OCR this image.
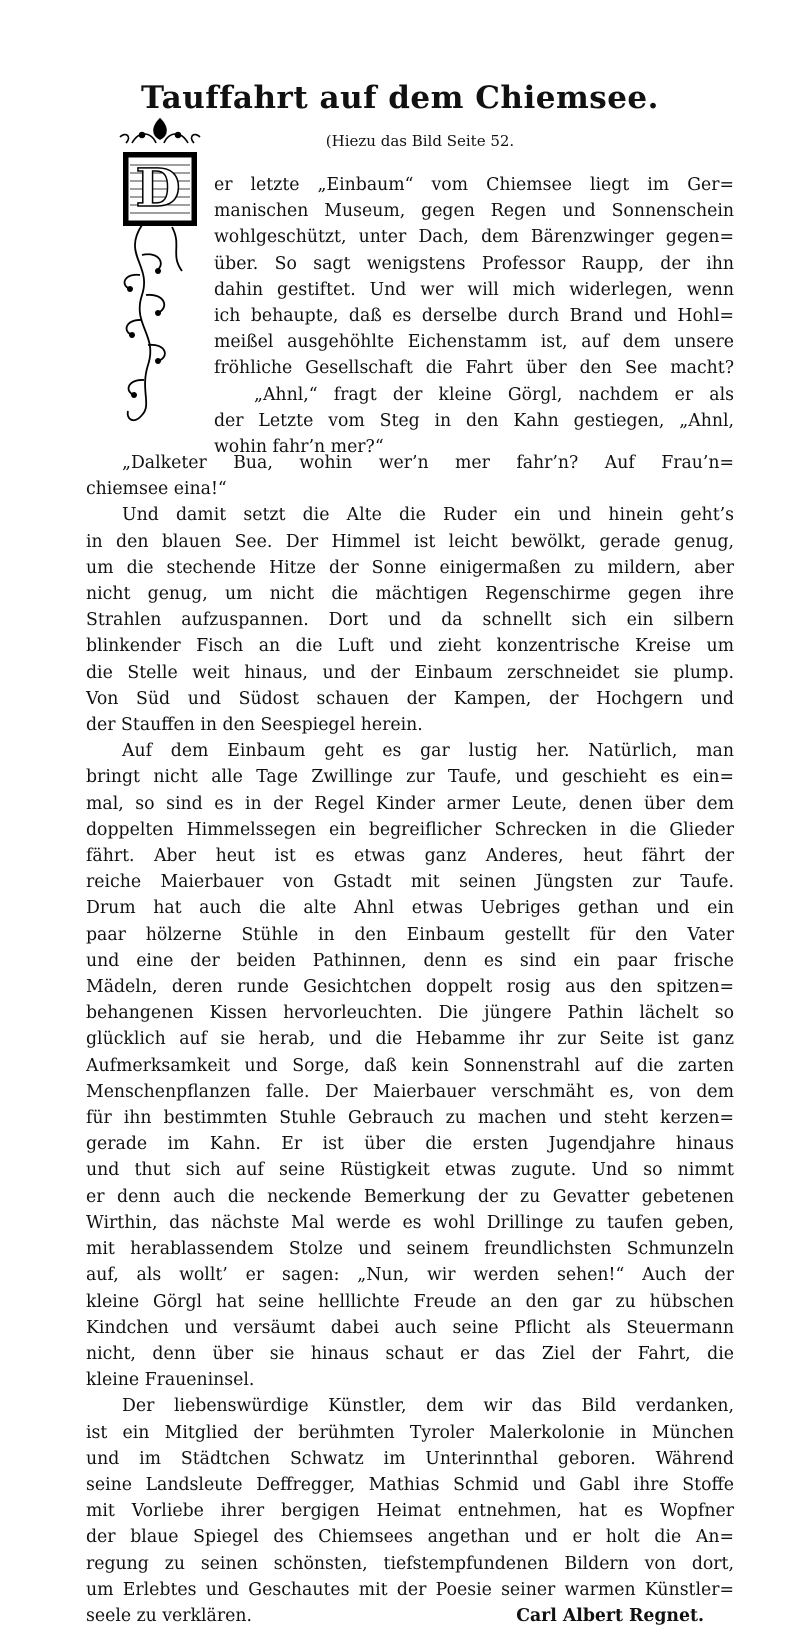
Tauffahrt auf dem Chiemsee.
(Hiezu das Bild Seite 52.
D	er letzte „Einbaum“ vom Chiemsee liegt im Ger=
manischen Museum, gegen Regen und Sonnenschein
wohlgeschützt, unter Dach, dem Bärenzwinger gegen=
über. So sagt wenigstens Professor Raupp, der ihn
dahin gestiftet. Und wer will mich widerlegen, wenn
ich behaupte, daß es derselbe durch Brand und Hohl=
meißel ausgehöhlte Eichenstamm ist, auf dem unsere
fröhliche Gesellschaft die Fahrt über den See macht?
„Ahnl,“ fragt der kleine Görgl, nachdem er als
der Letzte vom Steg in den Kahn gestiegen, „Ahnl,
wohin fahr’n mer?“
„Dalketer Bua, wohin wer’n mer fahr’n? Auf Frau’n=
chiemsee eina!“
Und damit setzt die Alte die Ruder ein und hinein geht’s
in den blauen See. Der Himmel ist leicht bewölkt, gerade genug,
um die stechende Hitze der Sonne einigermaßen zu mildern, aber
nicht genug, um nicht die mächtigen Regenschirme gegen ihre
Strahlen aufzuspannen. Dort und da schnellt sich ein silbern
blinkender Fisch an die Luft und zieht konzentrische Kreise um
die Stelle weit hinaus, und der Einbaum zerschneidet sie plump.
Von Süd und Südost schauen der Kampen, der Hochgern und
der Stauffen in den Seespiegel herein.
Auf dem Einbaum geht es gar lustig her. Natürlich, man
bringt nicht alle Tage Zwillinge zur Taufe, und geschieht es ein=
mal, so sind es in der Regel Kinder armer Leute, denen über dem
doppelten Himmelssegen ein begreiflicher Schrecken in die Glieder
fährt. Aber heut ist es etwas ganz Anderes, heut fährt der
reiche Maierbauer von Gstadt mit seinen Jüngsten zur Taufe.
Drum hat auch die alte Ahnl etwas Uebriges gethan und ein
paar hölzerne Stühle in den Einbaum gestellt für den Vater
und eine der beiden Pathinnen, denn es sind ein paar frische
Mädeln, deren runde Gesichtchen doppelt rosig aus den spitzen=
behangenen Kissen hervorleuchten. Die jüngere Pathin lächelt so
glücklich auf sie herab, und die Hebamme ihr zur Seite ist ganz
Aufmerksamkeit und Sorge, daß kein Sonnenstrahl auf die zarten
Menschenpflanzen falle. Der Maierbauer verschmäht es, von dem
für ihn bestimmten Stuhle Gebrauch zu machen und steht kerzen=
gerade im Kahn. Er ist über die ersten Jugendjahre hinaus
und thut sich auf seine Rüstigkeit etwas zugute. Und so nimmt
er denn auch die neckende Bemerkung der zu Gevatter gebetenen
Wirthin, das nächste Mal werde es wohl Drillinge zu taufen geben,
mit herablassendem Stolze und seinem freundlichsten Schmunzeln
auf, als wollt’ er sagen: „Nun, wir werden sehen!“ Auch der
kleine Görgl hat seine helllichte Freude an den gar zu hübschen
Kindchen und versäumt dabei auch seine Pflicht als Steuermann
nicht, denn über sie hinaus schaut er das Ziel der Fahrt, die
kleine Fraueninsel.
Der liebenswürdige Künstler, dem wir das Bild verdanken,
ist ein Mitglied der berühmten Tyroler Malerkolonie in München
und im Städtchen Schwatz im Unterinnthal geboren. Während
seine Landsleute Deffregger, Mathias Schmid und Gabl ihre Stoffe
mit Vorliebe ihrer bergigen Heimat entnehmen, hat es Wopfner
der blaue Spiegel des Chiemsees angethan und er holt die An=
regung zu seinen schönsten, tiefstempfundenen Bildern von dort,
um Erlebtes und Geschautes mit der Poesie seiner warmen Künstler=
seele zu verklären.	Carl Albert Regnet.
